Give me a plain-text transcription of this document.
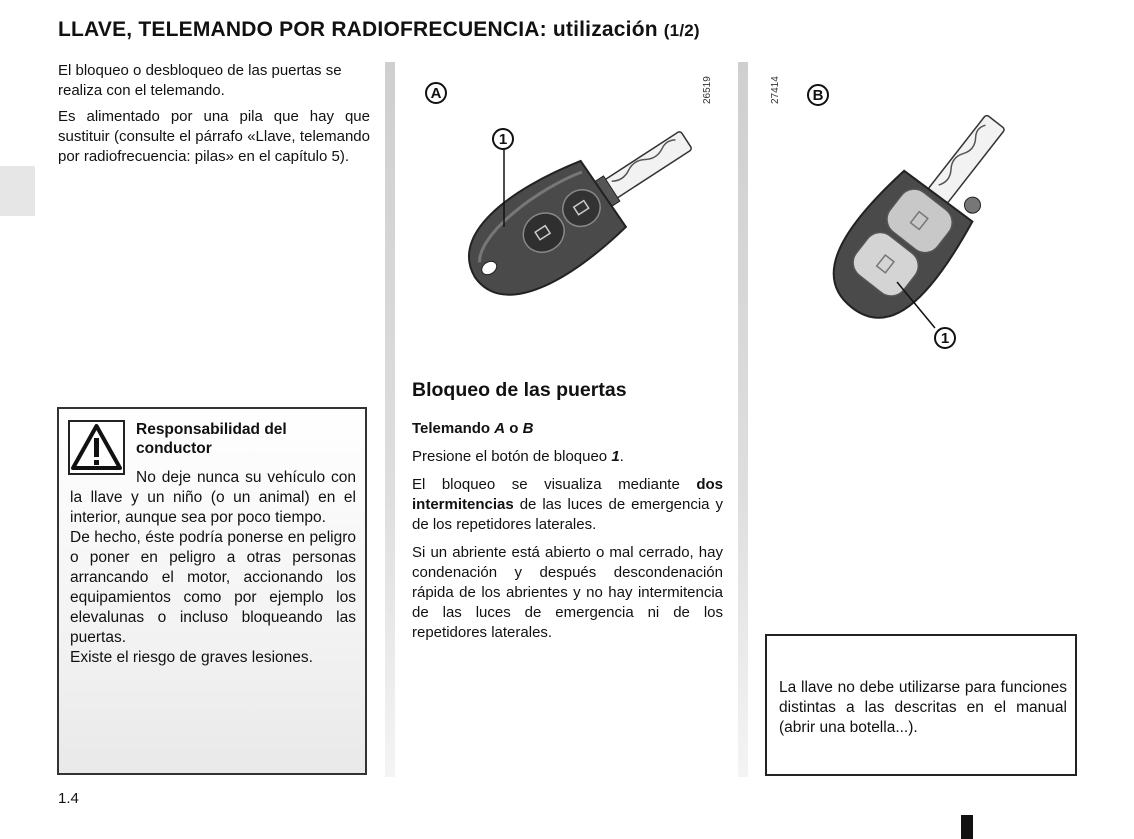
LLAVE, TELEMANDO POR RADIOFRECUENCIA: utilización (1/2)

El bloqueo o desbloqueo de las puertas se realiza con el telemando.

Es alimentado por una pila que hay que sustituir (consulte el párrafo «Llave, telemando por radiofrecuencia: pilas» en el capítulo 5).

Responsabilidad del conductor
No deje nunca su vehículo con la llave y un niño (o un animal) en el interior, aunque sea por poco tiempo.
De hecho, éste podría ponerse en peligro o poner en peligro a otras personas arrancando el motor, accionando los equipamientos como por ejemplo los elevalunas o incluso bloqueando las puertas.
Existe el riesgo de graves lesiones.
A	26519
1
27414	B
1
Bloqueo de las puertas

Telemando A o B

Presione el botón de bloqueo 1.

El bloqueo se visualiza mediante dos intermitencias de las luces de emergencia y de los repetidores laterales.

Si un abriente está abierto o mal cerrado, hay condenación y después descondenación rápida de los abrientes y no hay intermitencia de las luces de emergencia ni de los repetidores laterales.

La llave no debe utilizarse para funciones distintas a las descritas en el manual (abrir una botella...).
1.4
